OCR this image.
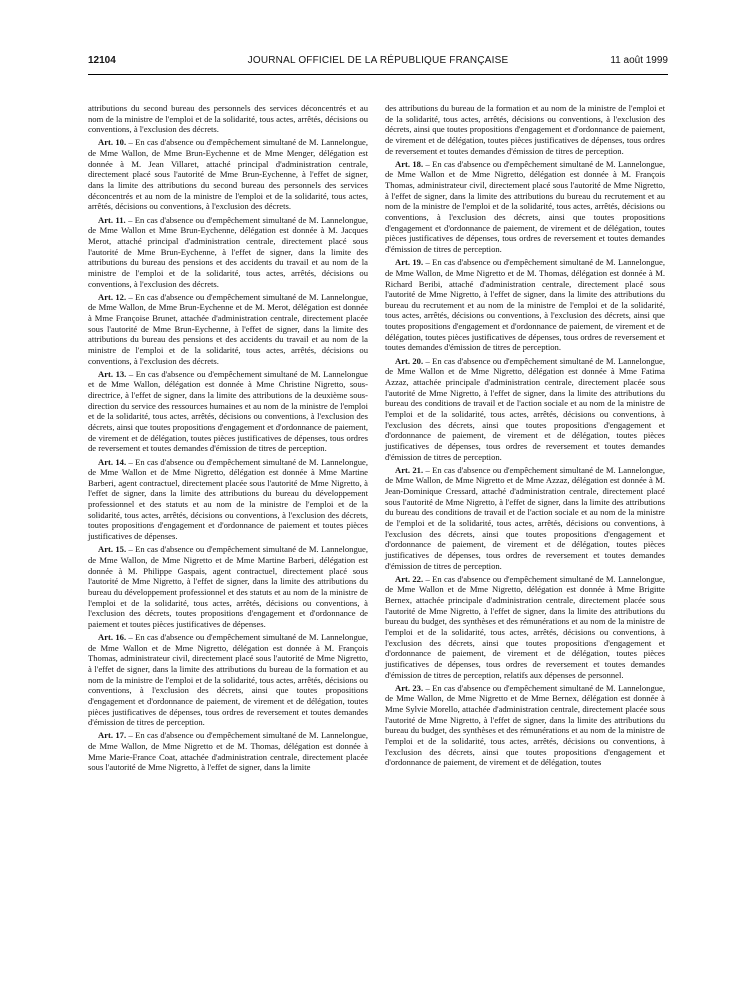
12104	JOURNAL OFFICIEL DE LA RÉPUBLIQUE FRANÇAISE	11 août 1999

attributions du second bureau des personnels des services déconcentrés et au nom de la ministre de l'emploi et de la solidarité, tous actes, arrêtés, décisions ou conventions, à l'exclusion des décrets.

Art. 10. – En cas d'absence ou d'empêchement simultané de M. Lannelongue, de Mme Wallon, de Mme Brun-Eychenne et de Mme Menger, délégation est donnée à M. Jean Villaret, attaché principal d'administration centrale, directement placé sous l'autorité de Mme Brun-Eychenne, à l'effet de signer, dans la limite des attributions du second bureau des personnels des services déconcentrés et au nom de la ministre de l'emploi et de la solidarité, tous actes, arrêtés, décisions ou conventions, à l'exclusion des décrets.

Art. 11. – En cas d'absence ou d'empêchement simultané de M. Lannelongue, de Mme Wallon et Mme Brun-Eychenne, délégation est donnée à M. Jacques Merot, attaché principal d'administration centrale, directement placé sous l'autorité de Mme Brun-Eychenne, à l'effet de signer, dans la limite des attributions du bureau des pensions et des accidents du travail et au nom de la ministre de l'emploi et de la solidarité, tous actes, arrêtés, décisions ou conventions, à l'exclusion des décrets.

Art. 12. – En cas d'absence ou d'empêchement simultané de M. Lannelongue, de Mme Wallon, de Mme Brun-Eychenne et de M. Merot, délégation est donnée à Mme Françoise Brunet, attachée d'administration centrale, directement placée sous l'autorité de Mme Brun-Eychenne, à l'effet de signer, dans la limite des attributions du bureau des pensions et des accidents du travail et au nom de la ministre de l'emploi et de la solidarité, tous actes, arrêtés, décisions ou conventions, à l'exclusion des décrets.

Art. 13. – En cas d'absence ou d'empêchement simultané de M. Lannelongue et de Mme Wallon, délégation est donnée à Mme Christine Nigretto, sous-directrice, à l'effet de signer, dans la limite des attributions de la deuxième sous-direction du service des ressources humaines et au nom de la ministre de l'emploi et de la solidarité, tous actes, arrêtés, décisions ou conventions, à l'exclusion des décrets, ainsi que toutes propositions d'engagement et d'ordonnance de paiement, de virement et de délégation, toutes pièces justificatives de dépenses, tous ordres de reversement et toutes demandes d'émission de titres de perception.

Art. 14. – En cas d'absence ou d'empêchement simultané de M. Lannelongue, de Mme Wallon et de Mme Nigretto, délégation est donnée à Mme Martine Barberi, agent contractuel, directement placée sous l'autorité de Mme Nigretto, à l'effet de signer, dans la limite des attributions du bureau du développement professionnel et des statuts et au nom de la ministre de l'emploi et de la solidarité, tous actes, arrêtés, décisions ou conventions, à l'exclusion des décrets, toutes propositions d'engagement et d'ordonnance de paiement et toutes pièces justificatives de dépenses.

Art. 15. – En cas d'absence ou d'empêchement simultané de M. Lannelongue, de Mme Wallon, de Mme Nigretto et de Mme Martine Barberi, délégation est donnée à M. Philippe Gaspais, agent contractuel, directement placé sous l'autorité de Mme Nigretto, à l'effet de signer, dans la limite des attributions du bureau du développement professionnel et des statuts et au nom de la ministre de l'emploi et de la solidarité, tous actes, arrêtés, décisions ou conventions, à l'exclusion des décrets, toutes propositions d'engagement et d'ordonnance de paiement et toutes pièces justificatives de dépenses.

Art. 16. – En cas d'absence ou d'empêchement simultané de M. Lannelongue, de Mme Wallon et de Mme Nigretto, délégation est donnée à M. François Thomas, administrateur civil, directement placé sous l'autorité de Mme Nigretto, à l'effet de signer, dans la limite des attributions du bureau de la formation et au nom de la ministre de l'emploi et de la solidarité, tous actes, arrêtés, décisions ou conventions, à l'exclusion des décrets, ainsi que toutes propositions d'engagement et d'ordonnance de paiement, de virement et de délégation, toutes pièces justificatives de dépenses, tous ordres de reversement et toutes demandes d'émission de titres de perception.

Art. 17. – En cas d'absence ou d'empêchement simultané de M. Lannelongue, de Mme Wallon, de Mme Nigretto et de M. Thomas, délégation est donnée à Mme Marie-France Coat, attachée d'administration centrale, directement placée sous l'autorité de Mme Nigretto, à l'effet de signer, dans la limite

des attributions du bureau de la formation et au nom de la ministre de l'emploi et de la solidarité, tous actes, arrêtés, décisions ou conventions, à l'exclusion des décrets, ainsi que toutes propositions d'engagement et d'ordonnance de paiement, de virement et de délégation, toutes pièces justificatives de dépenses, tous ordres de reversement et toutes demandes d'émission de titres de perception.

Art. 18. – En cas d'absence ou d'empêchement simultané de M. Lannelongue, de Mme Wallon et de Mme Nigretto, délégation est donnée à M. François Thomas, administrateur civil, directement placé sous l'autorité de Mme Nigretto, à l'effet de signer, dans la limite des attributions du bureau du recrutement et au nom de la ministre de l'emploi et de la solidarité, tous actes, arrêtés, décisions ou conventions, à l'exclusion des décrets, ainsi que toutes propositions d'engagement et d'ordonnance de paiement, de virement et de délégation, toutes pièces justificatives de dépenses, tous ordres de reversement et toutes demandes d'émission de titres de perception.

Art. 19. – En cas d'absence ou d'empêchement simultané de M. Lannelongue, de Mme Wallon, de Mme Nigretto et de M. Thomas, délégation est donnée à M. Richard Beribi, attaché d'administration centrale, directement placé sous l'autorité de Mme Nigretto, à l'effet de signer, dans la limite des attributions du bureau du recrutement et au nom de la ministre de l'emploi et de la solidarité, tous actes, arrêtés, décisions ou conventions, à l'exclusion des décrets, ainsi que toutes propositions d'engagement et d'ordonnance de paiement, de virement et de délégation, toutes pièces justificatives de dépenses, tous ordres de reversement et toutes demandes d'émission de titres de perception.

Art. 20. – En cas d'absence ou d'empêchement simultané de M. Lannelongue, de Mme Wallon et de Mme Nigretto, délégation est donnée à Mme Fatima Azzaz, attachée principale d'administration centrale, directement placée sous l'autorité de Mme Nigretto, à l'effet de signer, dans la limite des attributions du bureau des conditions de travail et de l'action sociale et au nom de la ministre de l'emploi et de la solidarité, tous actes, arrêtés, décisions ou conventions, à l'exclusion des décrets, ainsi que toutes propositions d'engagement et d'ordonnance de paiement, de virement et de délégation, toutes pièces justificatives de dépenses, tous ordres de reversement et toutes demandes d'émission de titres de perception.

Art. 21. – En cas d'absence ou d'empêchement simultané de M. Lannelongue, de Mme Wallon, de Mme Nigretto et de Mme Azzaz, délégation est donnée à M. Jean-Dominique Cressard, attaché d'administration centrale, directement placé sous l'autorité de Mme Nigretto, à l'effet de signer, dans la limite des attributions du bureau des conditions de travail et de l'action sociale et au nom de la ministre de l'emploi et de la solidarité, tous actes, arrêtés, décisions ou conventions, à l'exclusion des décrets, ainsi que toutes propositions d'engagement et d'ordonnance de paiement, de virement et de délégation, toutes pièces justificatives de dépenses, tous ordres de reversement et toutes demandes d'émission de titres de perception.

Art. 22. – En cas d'absence ou d'empêchement simultané de M. Lannelongue, de Mme Wallon et de Mme Nigretto, délégation est donnée à Mme Brigitte Bernex, attachée principale d'administration centrale, directement placée sous l'autorité de Mme Nigretto, à l'effet de signer, dans la limite des attributions du bureau du budget, des synthèses et des rémunérations et au nom de la ministre de l'emploi et de la solidarité, tous actes, arrêtés, décisions ou conventions, à l'exclusion des décrets, ainsi que toutes propositions d'engagement et d'ordonnance de paiement, de virement et de délégation, toutes pièces justificatives de dépenses, tous ordres de reversement et toutes demandes d'émission de titres de perception, relatifs aux dépenses de personnel.

Art. 23. – En cas d'absence ou d'empêchement simultané de M. Lannelongue, de Mme Wallon, de Mme Nigretto et de Mme Bernex, délégation est donnée à Mme Sylvie Morello, attachée d'administration centrale, directement placée sous l'autorité de Mme Nigretto, à l'effet de signer, dans la limite des attributions du bureau du budget, des synthèses et des rémunérations et au nom de la ministre de l'emploi et de la solidarité, tous actes, arrêtés, décisions ou conventions, à l'exclusion des décrets, ainsi que toutes propositions d'engagement et d'ordonnance de paiement, de virement et de délégation, toutes
